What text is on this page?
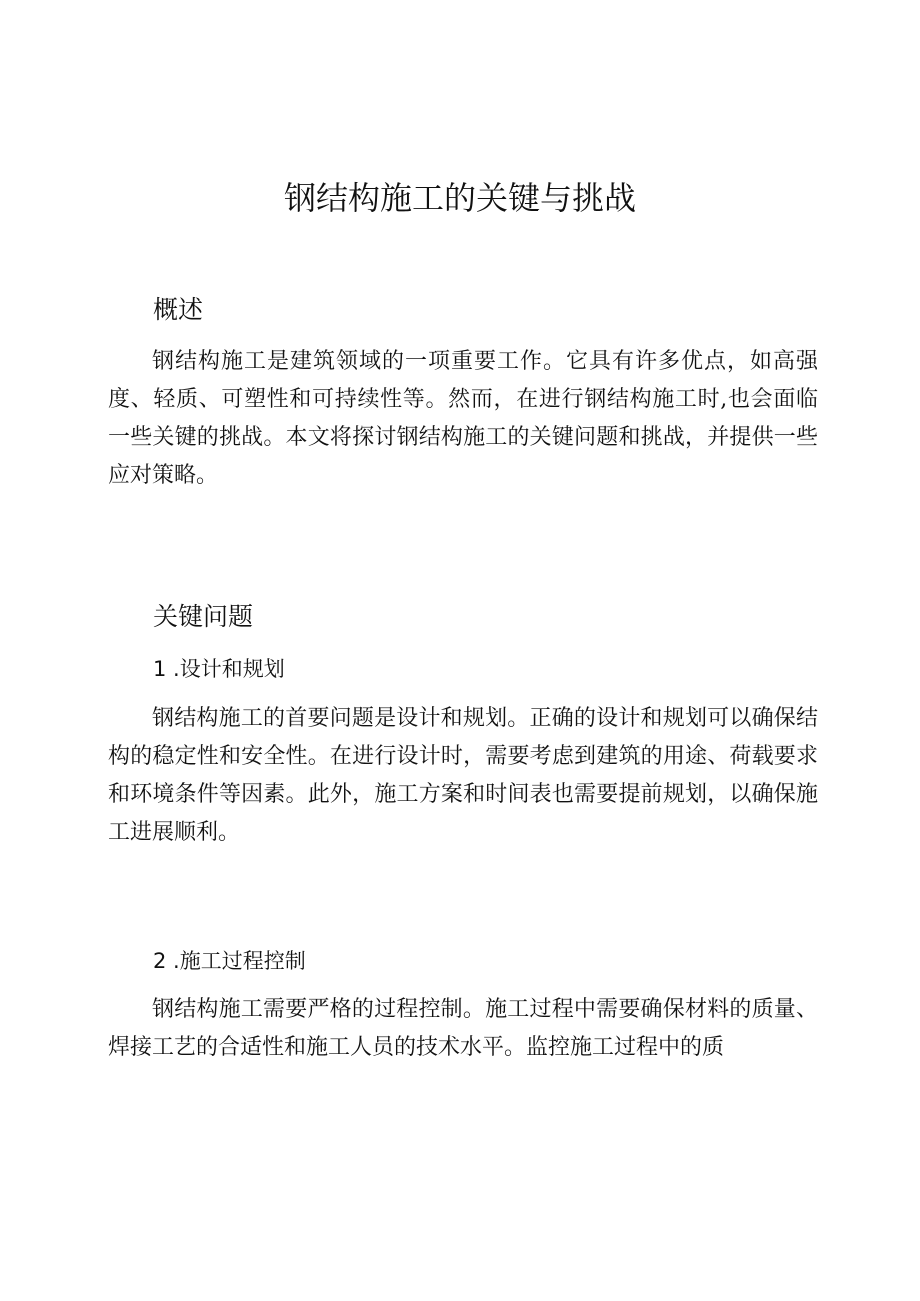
钢结构施工的关键与挑战
概述

钢结构施工是建筑领域的一项重要工作。它具有许多优点，如高强度、轻质、可塑性和可持续性等。然而，在进行钢结构施工时,也会面临一些关键的挑战。本文将探讨钢结构施工的关键问题和挑战，并提供一些应对策略。

关键问题
1 .设计和规划

钢结构施工的首要问题是设计和规划。正确的设计和规划可以确保结构的稳定性和安全性。在进行设计时，需要考虑到建筑的用途、荷载要求和环境条件等因素。此外，施工方案和时间表也需要提前规划，以确保施工进展顺利。

2 .施工过程控制

钢结构施工需要严格的过程控制。施工过程中需要确保材料的质量、焊接工艺的合适性和施工人员的技术水平。监控施工过程中的质
